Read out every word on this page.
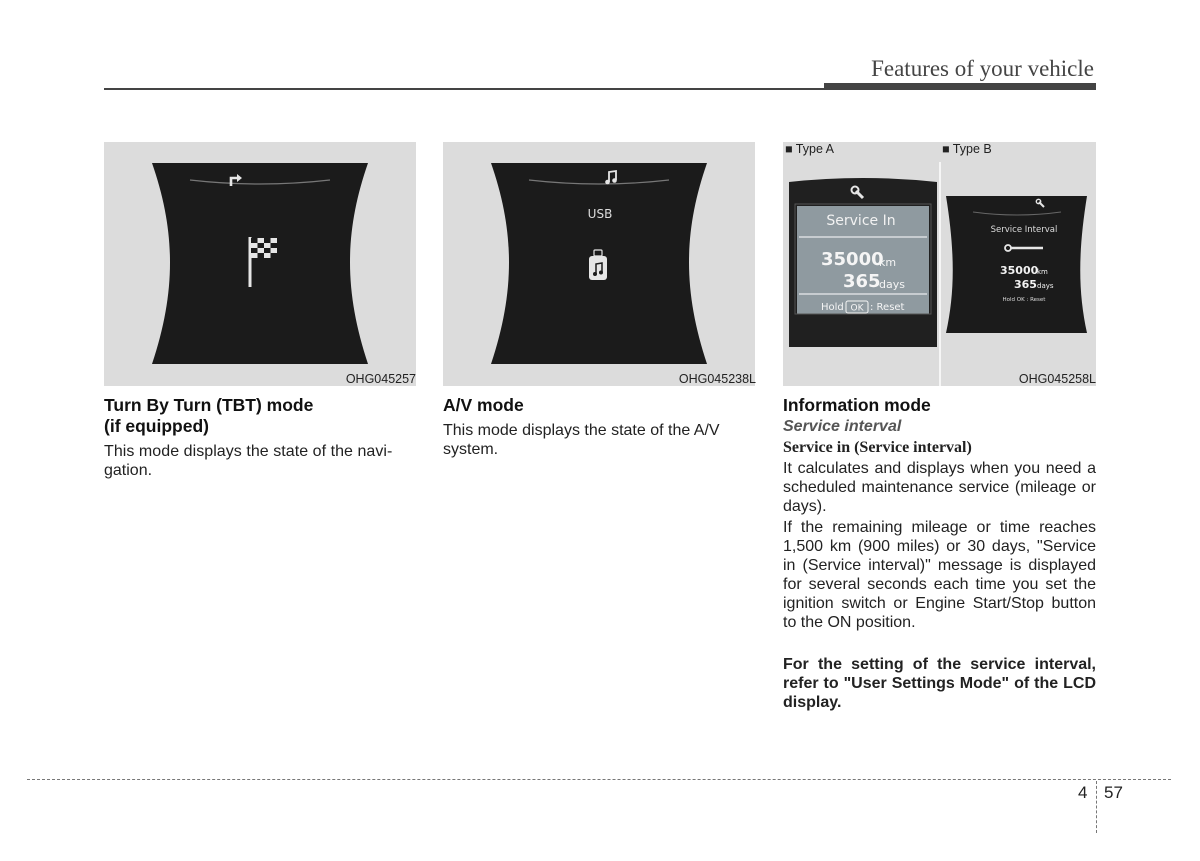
Features of your vehicle
OHG045257
USB
OHG045238L
Service In
35000
km
365
days
Hold OK : Reset
Service Interval
35000
km
365 days
Hold OK : Reset
■ Type A	■ Type B
OHG045258L
Turn By Turn (TBT) mode
(if equipped)
This mode displays the state of the navi-
gation.
A/V mode
This mode displays the state of the A/V
system.
Information mode
Service interval
Service in (Service interval)
It calculates and displays when you need a scheduled maintenance service (mileage or days).
If the remaining mileage or time reaches 1,500 km (900 miles) or 30 days, "Service in (Service interval)" message is displayed for several seconds each time you set the ignition switch or Engine Start/Stop button to the ON position.
For the setting of the service interval, refer to "User Settings Mode" of the LCD display.
4 57
